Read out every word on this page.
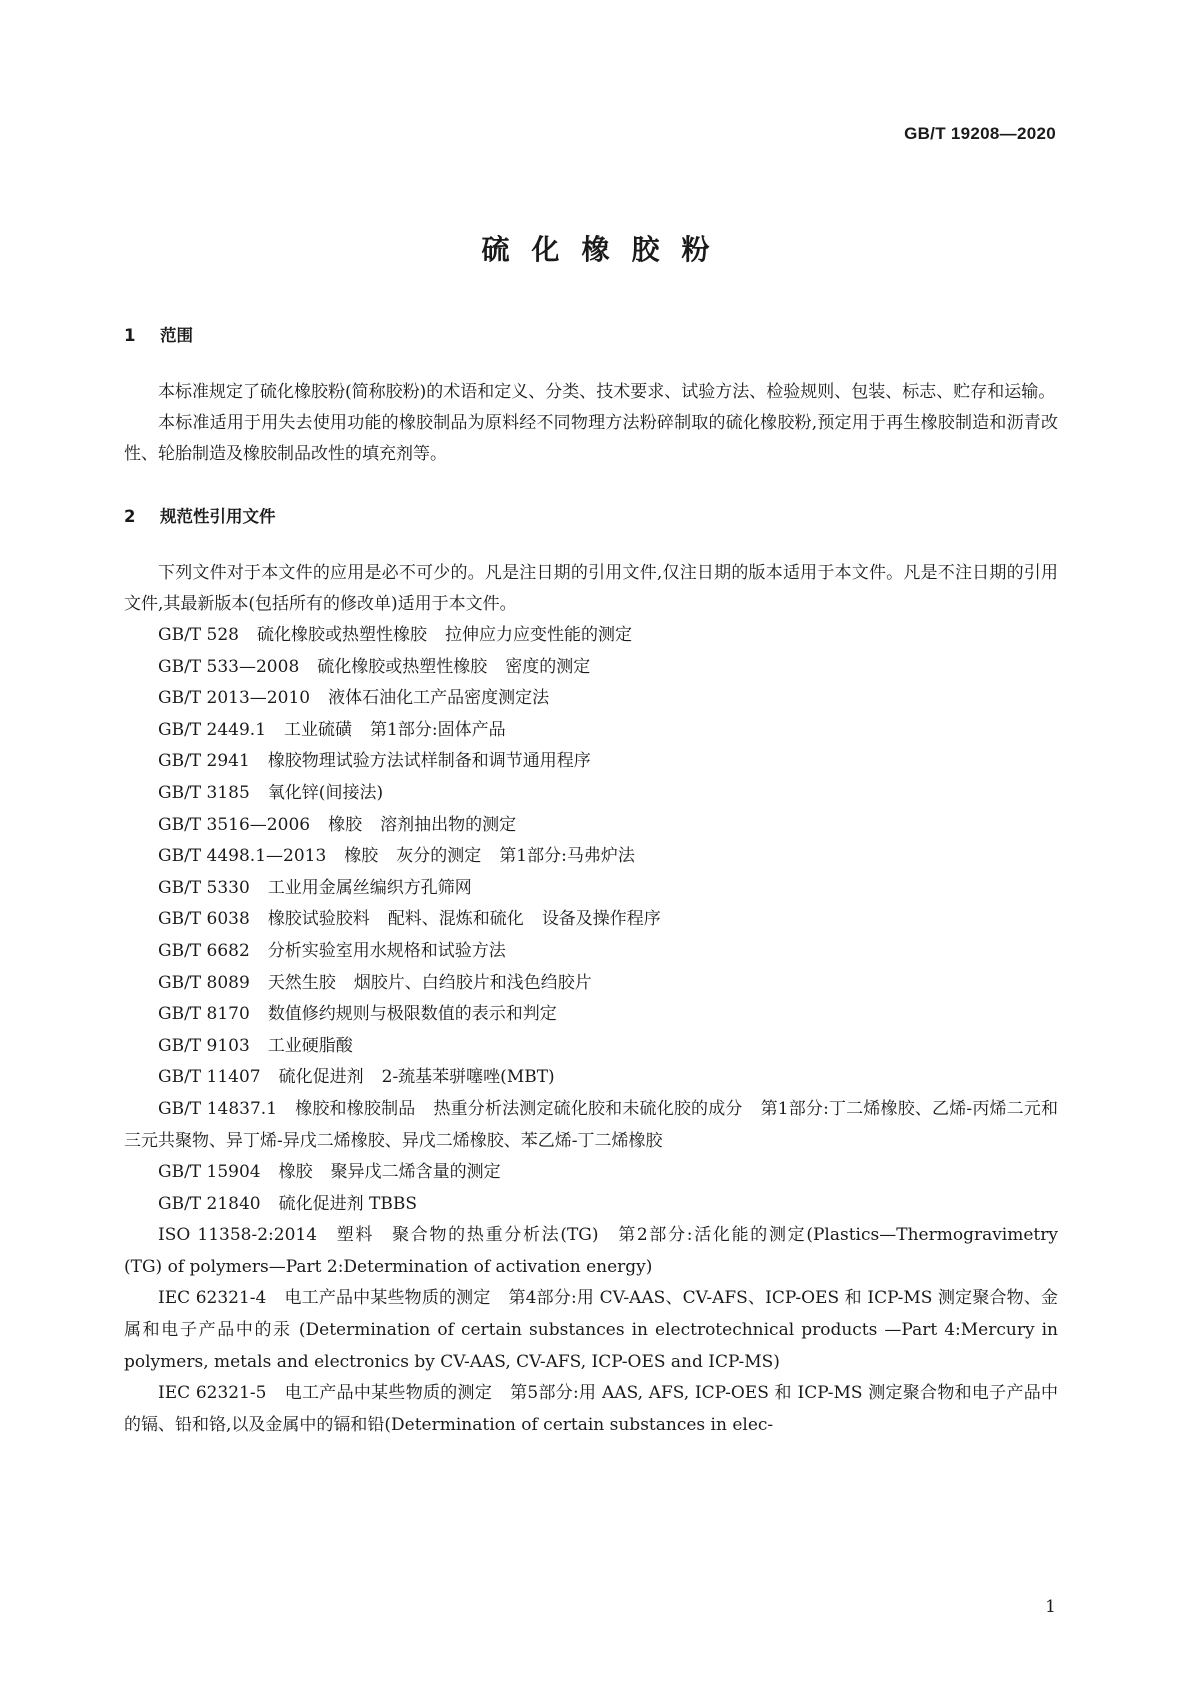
GB/T 19208—2020
硫化橡胶粉
1 范围

本标准规定了硫化橡胶粉(简称胶粉)的术语和定义、分类、技术要求、试验方法、检验规则、包装、标志、贮存和运输。

本标准适用于用失去使用功能的橡胶制品为原料经不同物理方法粉碎制取的硫化橡胶粉,预定用于再生橡胶制造和沥青改性、轮胎制造及橡胶制品改性的填充剂等。

2 规范性引用文件

下列文件对于本文件的应用是必不可少的。凡是注日期的引用文件,仅注日期的版本适用于本文件。凡是不注日期的引用文件,其最新版本(包括所有的修改单)适用于本文件。

GB/T 528 硫化橡胶或热塑性橡胶 拉伸应力应变性能的测定
GB/T 533—2008 硫化橡胶或热塑性橡胶 密度的测定
GB/T 2013—2010 液体石油化工产品密度测定法
GB/T 2449.1 工业硫磺 第1部分:固体产品
GB/T 2941 橡胶物理试验方法试样制备和调节通用程序
GB/T 3185 氧化锌(间接法)
GB/T 3516—2006 橡胶 溶剂抽出物的测定
GB/T 4498.1—2013 橡胶 灰分的测定 第1部分:马弗炉法
GB/T 5330 工业用金属丝编织方孔筛网
GB/T 6038 橡胶试验胶料 配料、混炼和硫化 设备及操作程序
GB/T 6682 分析实验室用水规格和试验方法
GB/T 8089 天然生胶 烟胶片、白绉胶片和浅色绉胶片
GB/T 8170 数值修约规则与极限数值的表示和判定
GB/T 9103 工业硬脂酸
GB/T 11407 硫化促进剂 2-巯基苯骈噻唑(MBT)
GB/T 14837.1 橡胶和橡胶制品 热重分析法测定硫化胶和未硫化胶的成分 第1部分:丁二烯橡胶、乙烯-丙烯二元和三元共聚物、异丁烯-异戊二烯橡胶、异戊二烯橡胶、苯乙烯-丁二烯橡胶
GB/T 15904 橡胶 聚异戊二烯含量的测定
GB/T 21840 硫化促进剂 TBBS
ISO 11358-2:2014 塑料 聚合物的热重分析法(TG) 第2部分:活化能的测定(Plastics—Thermogravimetry (TG) of polymers—Part 2:Determination of activation energy)
IEC 62321-4 电工产品中某些物质的测定 第4部分:用 CV-AAS、CV-AFS、ICP-OES 和 ICP-MS 测定聚合物、金属和电子产品中的汞 (Determination of certain substances in electrotechnical products —Part 4:Mercury in polymers, metals and electronics by CV-AAS, CV-AFS, ICP-OES and ICP-MS)
IEC 62321-5 电工产品中某些物质的测定 第5部分:用 AAS, AFS, ICP-OES 和 ICP-MS 测定聚合物和电子产品中的镉、铅和铬,以及金属中的镉和铅(Determination of certain substances in elec-
1
